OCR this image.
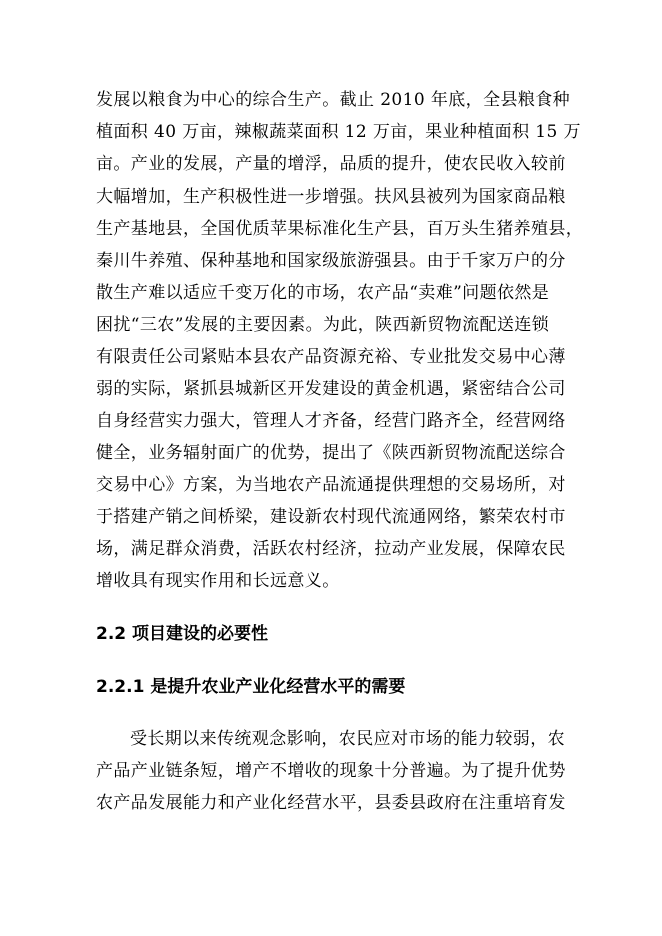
发展以粮食为中心的综合生产。截止 2010 年底，全县粮食种
植面积 40 万亩，辣椒蔬菜面积 12 万亩，果业种植面积 15 万
亩。产业的发展，产量的增浮，品质的提升，使农民收入较前
大幅增加，生产积极性进一步增强。扶风县被列为国家商品粮
生产基地县，全国优质苹果标准化生产县，百万头生猪养殖县，
秦川牛养殖、保种基地和国家级旅游强县。由于千家万户的分
散生产难以适应千变万化的市场，农产品“卖难”问题依然是
困扰“三农”发展的主要因素。为此，陕西新贸物流配送连锁
有限责任公司紧贴本县农产品资源充裕、专业批发交易中心薄
弱的实际，紧抓县城新区开发建设的黄金机遇，紧密结合公司
自身经营实力强大，管理人才齐备，经营门路齐全，经营网络
健全，业务辐射面广的优势，提出了《陕西新贸物流配送综合
交易中心》方案，为当地农产品流通提供理想的交易场所，对
于搭建产销之间桥梁，建设新农村现代流通网络，繁荣农村市
场，满足群众消费，活跃农村经济，拉动产业发展，保障农民
增收具有现实作用和长远意义。
2.2 项目建设的必要性
2.2.1 是提升农业产业化经营水平的需要
受长期以来传统观念影响，农民应对市场的能力较弱，农
产品产业链条短，增产不增收的现象十分普遍。为了提升优势
农产品发展能力和产业化经营水平，县委县政府在注重培育发
